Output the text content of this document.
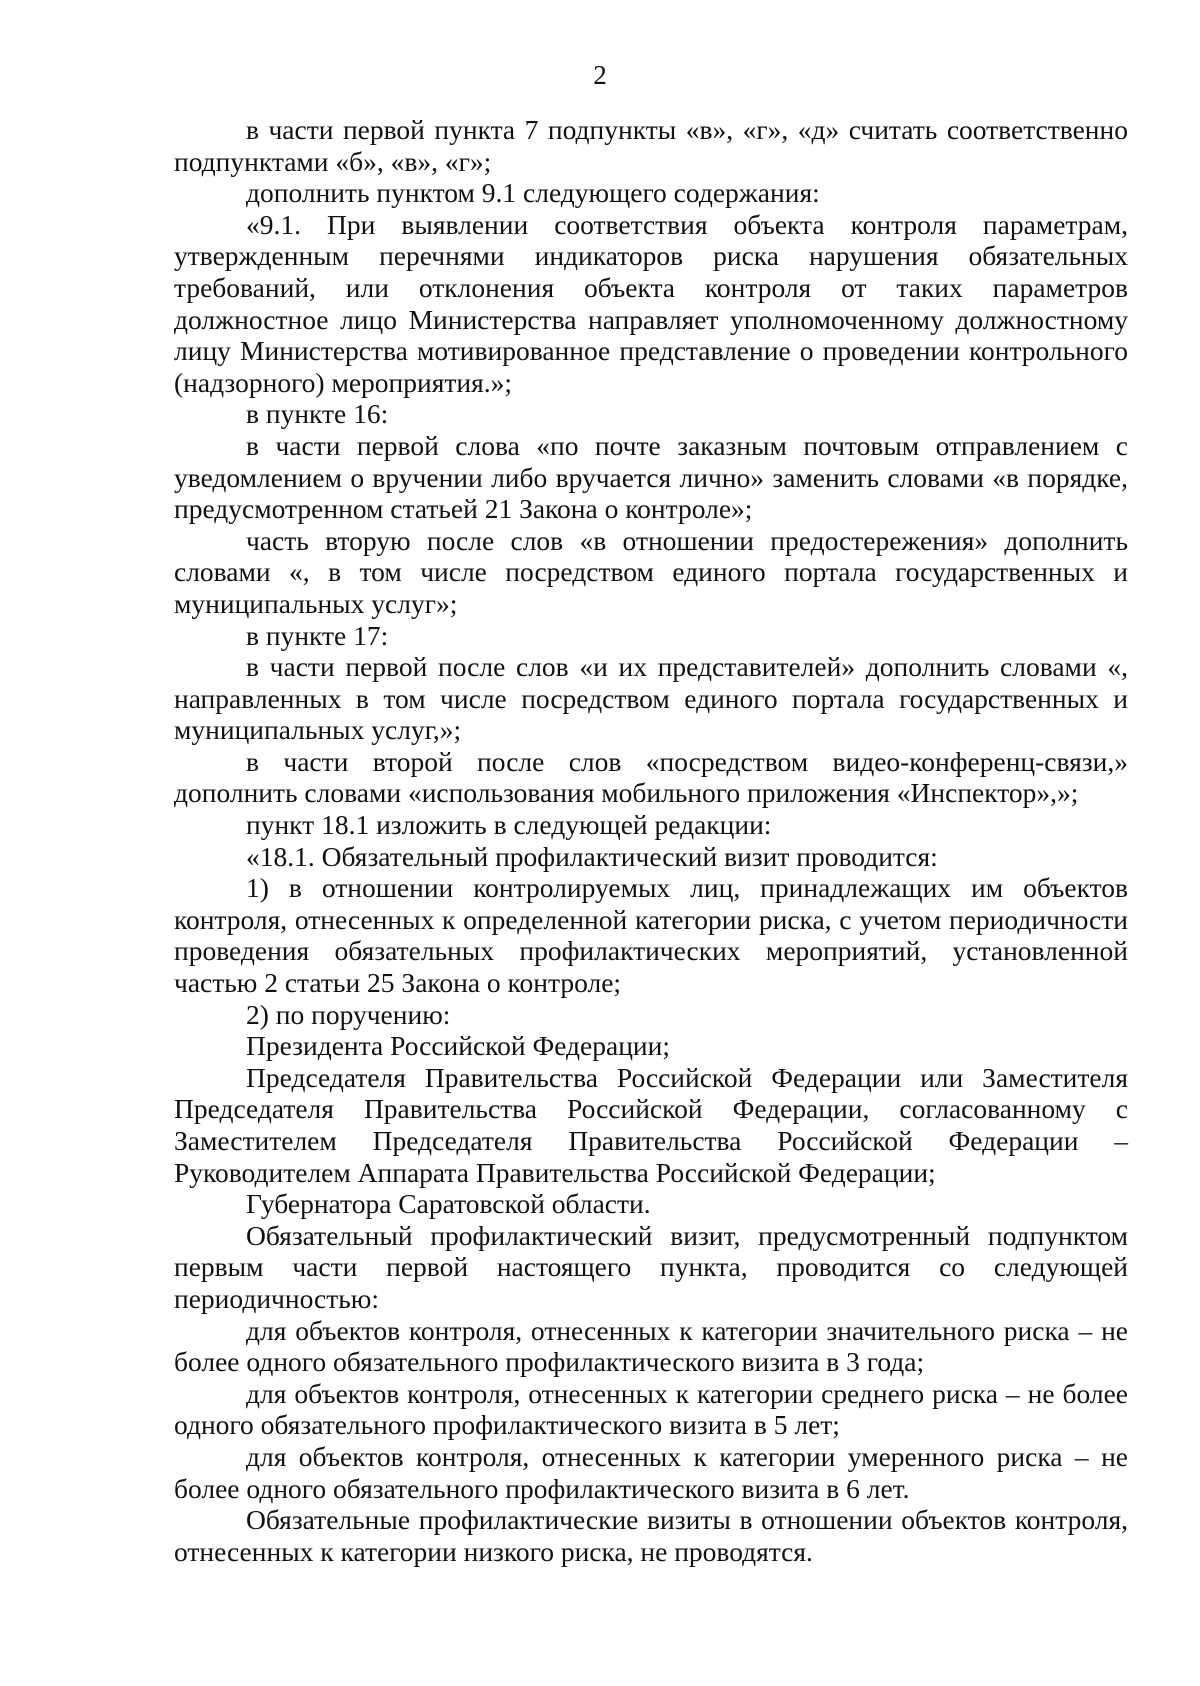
2

в части первой пункта 7 подпункты «в», «г», «д» считать соответственно подпунктами «б», «в», «г»;

дополнить пунктом 9.1 следующего содержания:

«9.1. При выявлении соответствия объекта контроля параметрам, утвержденным перечнями индикаторов риска нарушения обязательных требований, или отклонения объекта контроля от таких параметров должностное лицо Министерства направляет уполномоченному должностному лицу Министерства мотивированное представление о проведении контрольного (надзорного) мероприятия.»;

в пункте 16:

в части первой слова «по почте заказным почтовым отправлением с уведомлением о вручении либо вручается лично» заменить словами «в порядке, предусмотренном статьей 21 Закона о контроле»;

часть вторую после слов «в отношении предостережения» дополнить словами «, в том числе посредством единого портала государственных и муниципальных услуг»;

в пункте 17:

в части первой после слов «и их представителей» дополнить словами «, направленных в том числе посредством единого портала государственных и муниципальных услуг,»;

в части второй после слов «посредством видео-конференц-связи,» дополнить словами «использования мобильного приложения «Инспектор»,»;

пункт 18.1 изложить в следующей редакции:

«18.1. Обязательный профилактический визит проводится:

1) в отношении контролируемых лиц, принадлежащих им объектов контроля, отнесенных к определенной категории риска, с учетом периодичности проведения обязательных профилактических мероприятий, установленной частью 2 статьи 25 Закона о контроле;

2) по поручению:

Президента Российской Федерации;

Председателя Правительства Российской Федерации или Заместителя Председателя Правительства Российской Федерации, согласованному с Заместителем Председателя Правительства Российской Федерации – Руководителем Аппарата Правительства Российской Федерации;

Губернатора Саратовской области.

Обязательный профилактический визит, предусмотренный подпунктом первым части первой настоящего пункта, проводится со следующей периодичностью:

для объектов контроля, отнесенных к категории значительного риска – не более одного обязательного профилактического визита в 3 года;

для объектов контроля, отнесенных к категории среднего риска – не более одного обязательного профилактического визита в 5 лет;

для объектов контроля, отнесенных к категории умеренного риска – не более одного обязательного профилактического визита в 6 лет.

Обязательные профилактические визиты в отношении объектов контроля, отнесенных к категории низкого риска, не проводятся.
